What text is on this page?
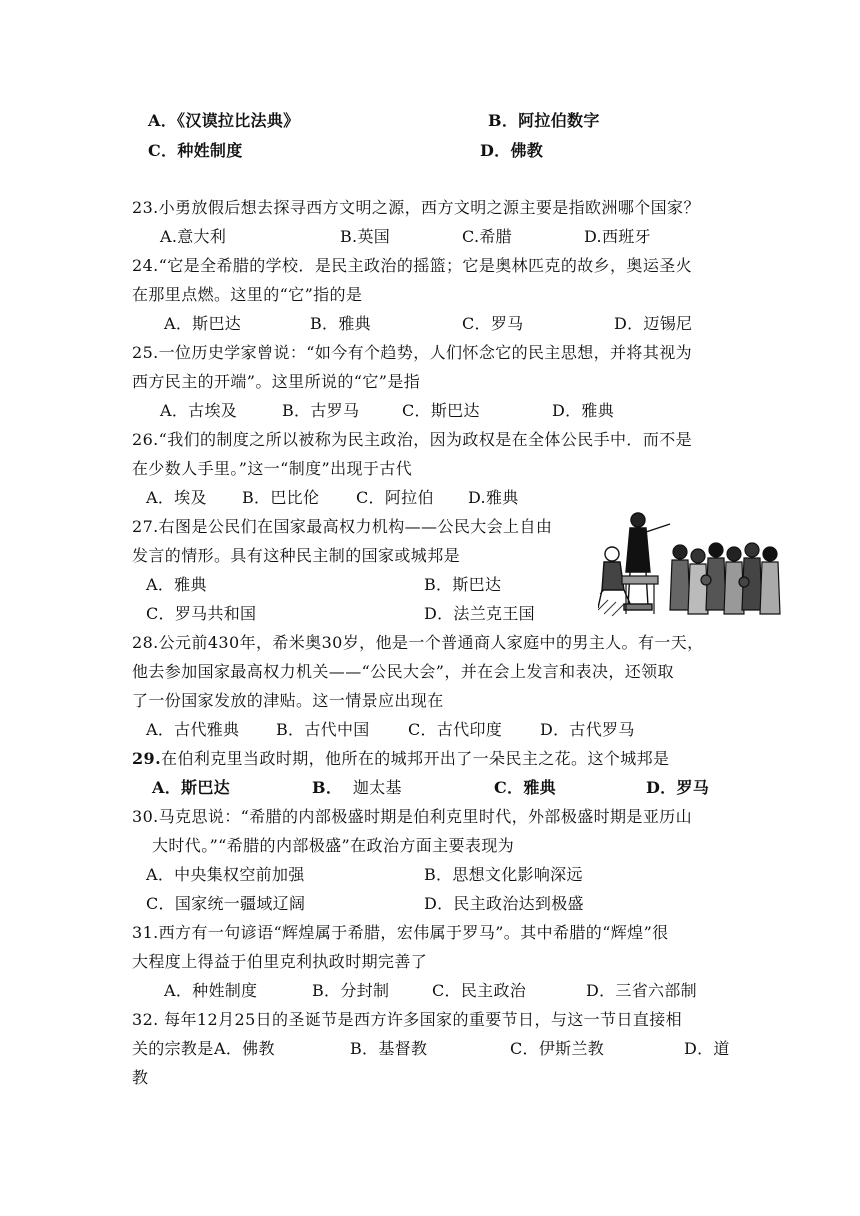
A．《汉谟拉比法典》	B．阿拉伯数字
C．种姓制度	D．佛教
23.小勇放假后想去探寻西方文明之源，西方文明之源主要是指欧洲哪个国家？
A.意大利	B.英国	C.希腊	D.西班牙
24.“它是全希腊的学校．是民主政治的摇篮；它是奥林匹克的故乡，奥运圣火
在那里点燃。这里的“它”指的是
A．斯巴达	B．雅典	C．罗马	D．迈锡尼
25.一位历史学家曾说：“如今有个趋势，人们怀念它的民主思想，并将其视为
西方民主的开端”。这里所说的“它”是指
A．古埃及	B．古罗马	C．斯巴达	D．雅典
26.“我们的制度之所以被称为民主政治，因为政权是在全体公民手中．而不是
在少数人手里。”这一“制度”出现于古代
A．埃及 B．巴比伦 C．阿拉伯 D.雅典
27.右图是公民们在国家最高权力机构——公民大会上自由
发言的情形。具有这种民主制的国家或城邦是
A．雅典	B．斯巴达
C．罗马共和国	D．法兰克王国
28.公元前430年，希米奥30岁，他是一个普通商人家庭中的男主人。有一天，
他去参加国家最高权力机关——“公民大会”，并在会上发言和表决，还领取
了一份国家发放的津贴。这一情景应出现在
A．古代雅典 B．古代中国 C．古代印度 D．古代罗马
29.在伯利克里当政时期，他所在的城邦开出了一朵民主之花。这个城邦是
A．斯巴达	B． 迦太基	C．雅典	D．罗马
30.马克思说：“希腊的内部极盛时期是伯利克里时代，外部极盛时期是亚历山
大时代。”“希腊的内部极盛”在政治方面主要表现为
A．中央集权空前加强	B．思想文化影响深远
C．国家统一疆域辽阔	D．民主政治达到极盛
31.西方有一句谚语“辉煌属于希腊，宏伟属于罗马”。其中希腊的“辉煌”很
大程度上得益于伯里克利执政时期完善了
A．种姓制度	B．分封制	C．民主政治	D．三省六部制
32. 每年12月25日的圣诞节是西方许多国家的重要节日，与这一节日直接相
关的宗教是 A．佛教	B．基督教	C．伊斯兰教	D．道
教
